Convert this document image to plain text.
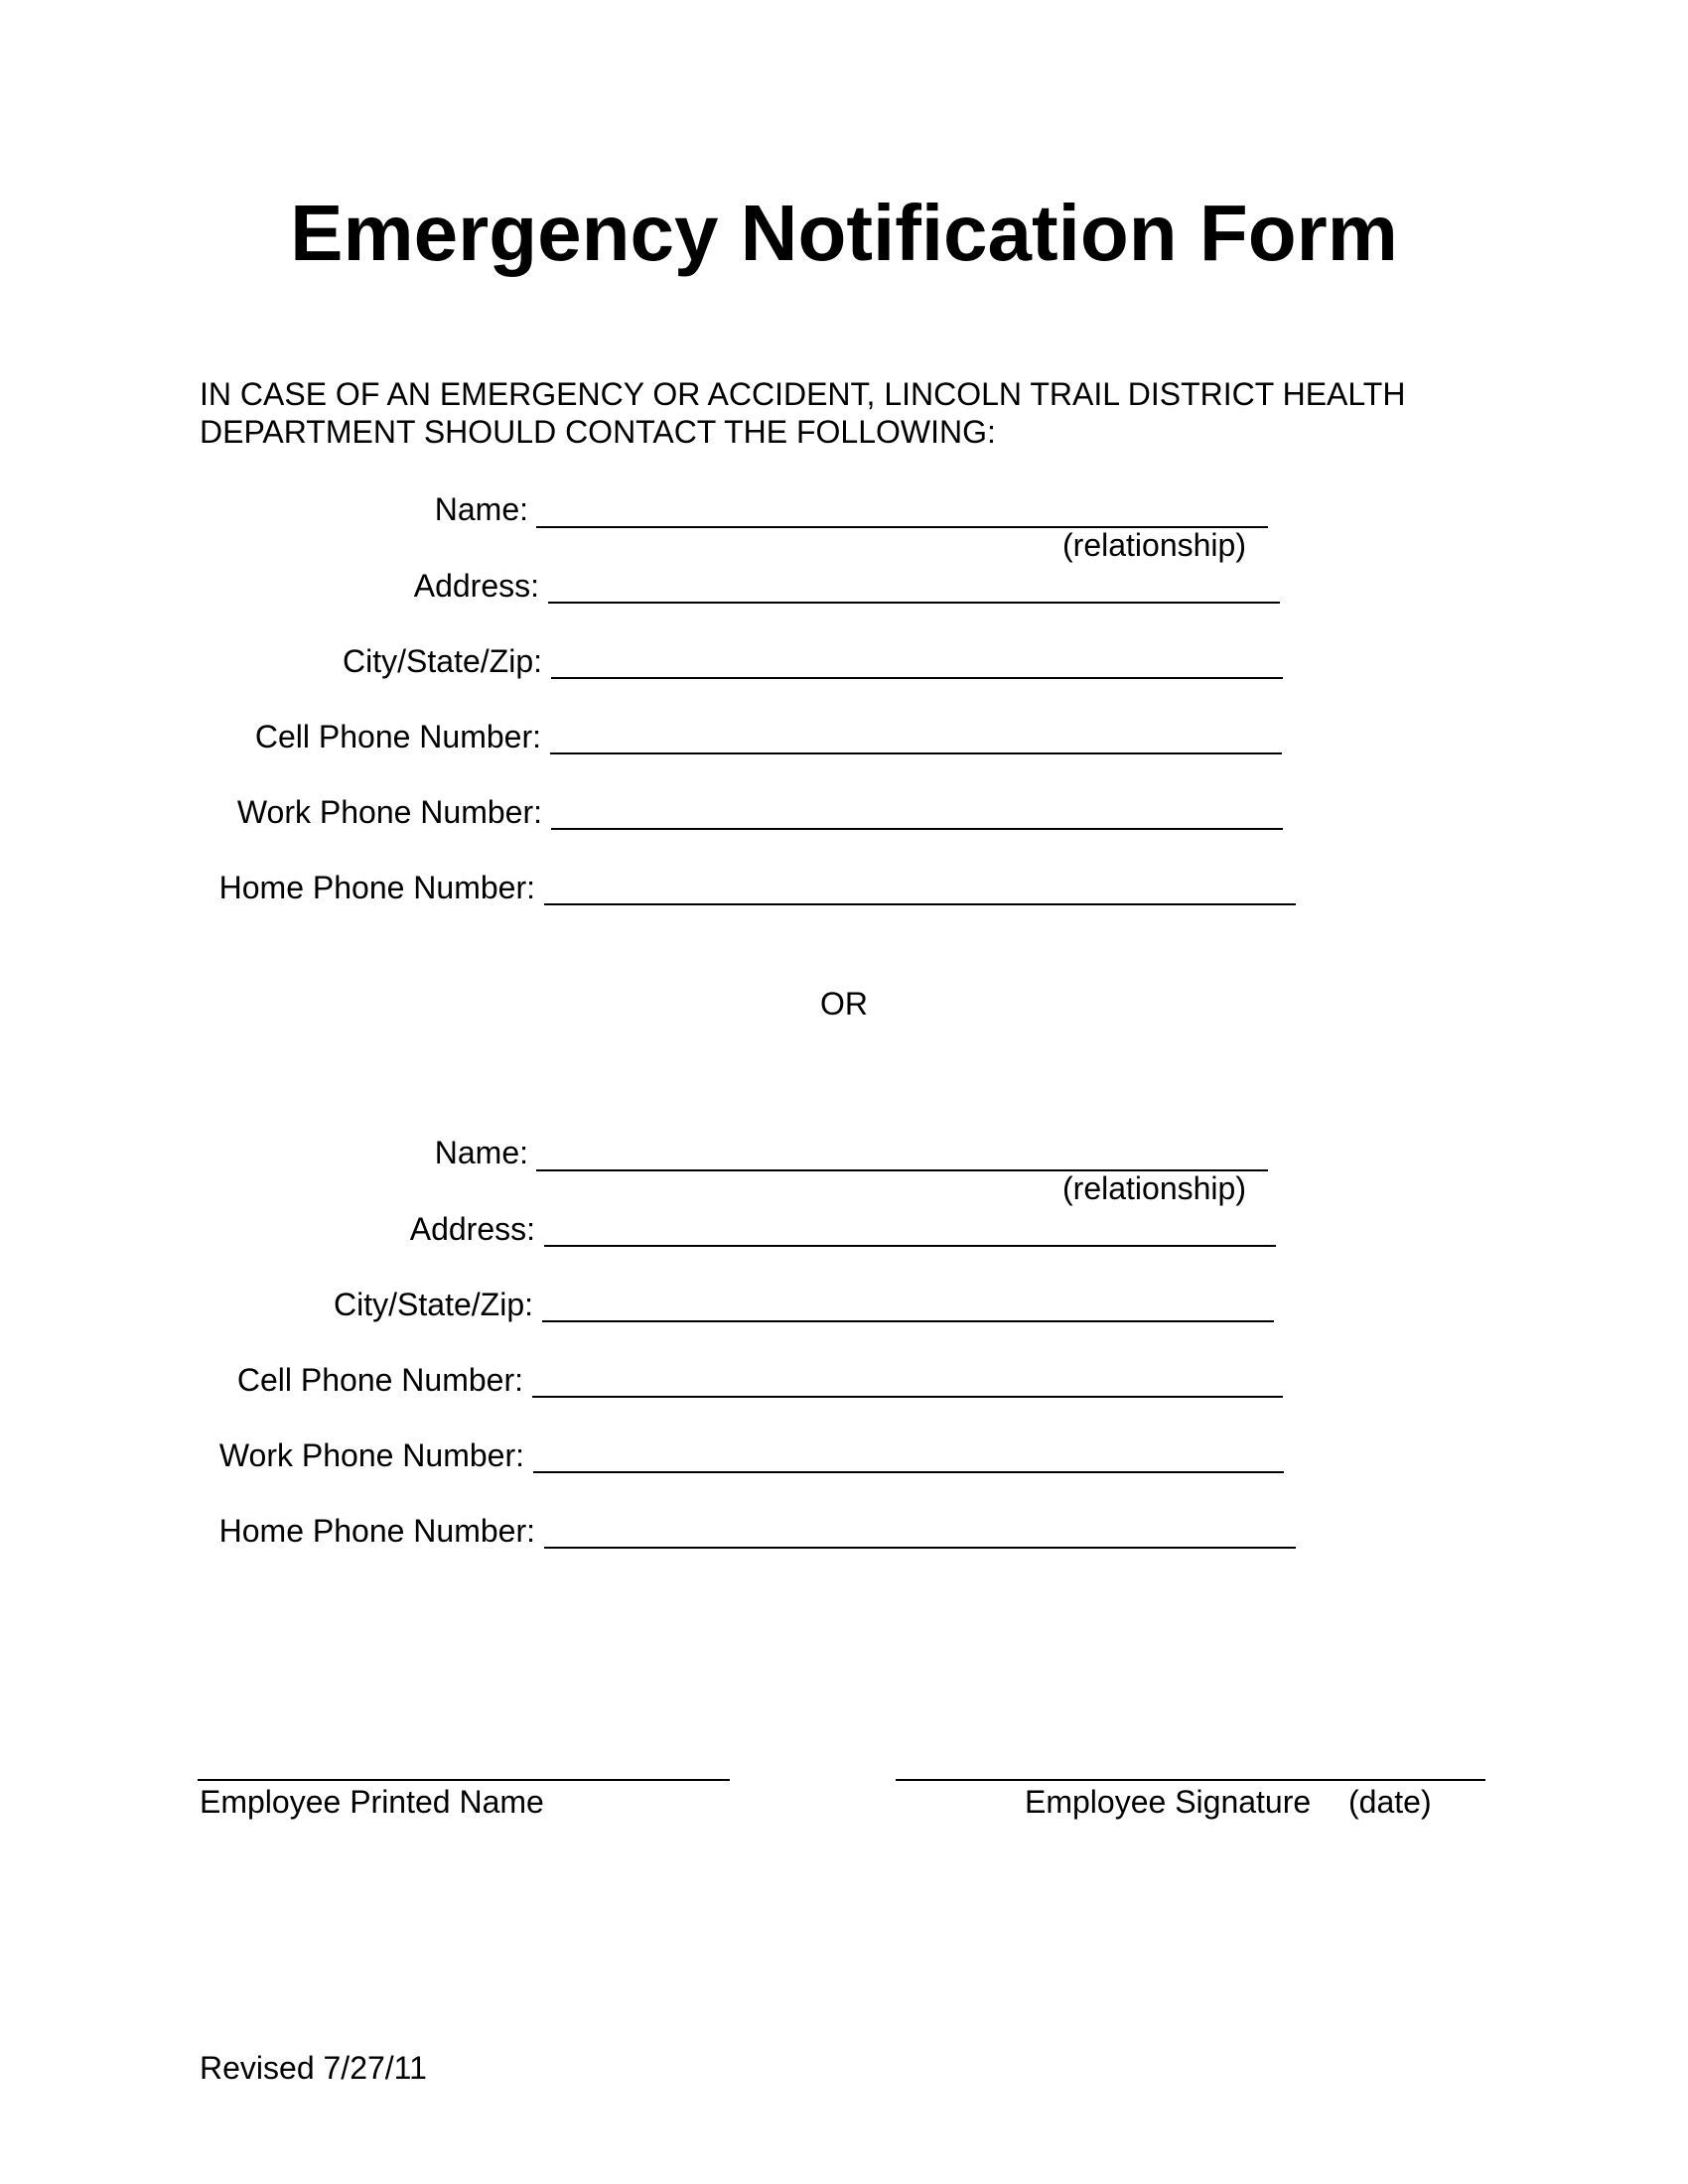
Emergency Notification Form
IN CASE OF AN EMERGENCY OR ACCIDENT, LINCOLN TRAIL DISTRICT HEALTH
DEPARTMENT SHOULD CONTACT THE FOLLOWING:
Name:
(relationship)
Address:
City/State/Zip:
Cell Phone Number:
Work Phone Number:
Home Phone Number:
OR
Name:
(relationship)
Address:
City/State/Zip:
Cell Phone Number:
Work Phone Number:
Home Phone Number:
Employee Printed Name	Employee Signature (date)
Revised 7/27/11
